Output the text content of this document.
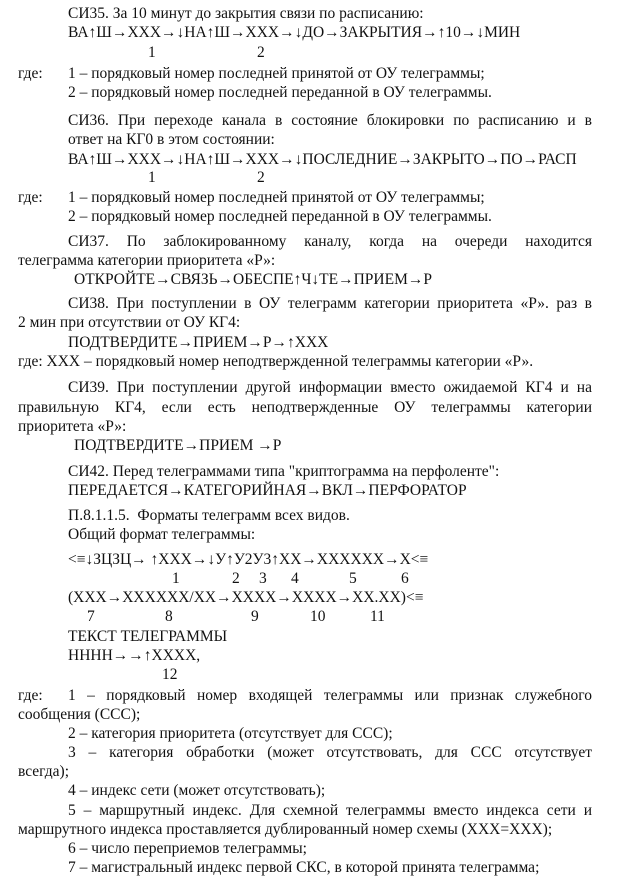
СИ35. За 10 минут до закрытия связи по расписанию:
ВА↑Ш→ХХХ→↓НА↑Ш→ХХХ→↓ДО→ЗАКРЫТИЯ→↑10→↓МИН
1	2
где: 1 – порядковый номер последней принятой от ОУ телеграммы;
2 – порядковый номер последней переданной в ОУ телеграммы.
СИ36. При переходе канала в состояние блокировки по расписанию и в
ответ на КГ0 в этом состоянии:
ВА↑Ш→ХХХ→↓НА↑Ш→ХХХ→↓ПОСЛЕДНИЕ→ЗАКРЫТО→ПО→РАСП
1	2
где: 1 – порядковый номер последней принятой от ОУ телеграммы;
2 – порядковый номер последней переданной в ОУ телеграммы.
СИ37. По заблокированному каналу, когда на очереди находится
телеграмма категории приоритета «Р»:
ОТКРОЙТЕ→СВЯЗЬ→ОБЕСПЕ↑Ч↓ТЕ→ПРИЕМ→Р
СИ38. При поступлении в ОУ телеграмм категории приоритета «Р». раз в
2 мин при отсутствии от ОУ КГ4:
ПОДТВЕРДИТЕ→ПРИЕМ→Р→↑ХХХ
где: ХХХ – порядковый номер неподтвержденной телеграммы категории «Р».
СИ39. При поступлении другой информации вместо ожидаемой КГ4 и на
правильную КГ4, если есть неподтвержденные ОУ телеграммы категории
приоритета «Р»:
ПОДТВЕРДИТЕ→ПРИЕМ →Р
СИ42. Перед телеграммами типа "криптограмма на перфоленте":
ПЕРЕДАЕТСЯ→КАТЕГОРИЙНАЯ→ВКЛ→ПЕРФОРАТОР
П.8.1.1.5.  Форматы телеграмм всех видов.
Общий формат телеграммы:
<≡↓ЗЦЗЦ→ ↑ХХХ→↓У↑У2У3↑ХХ→ХХХХХХ→Х<≡
1	2 3 4	5	6
(ХХХ→ХХХХХХ/ХХ→ХХХХ→ХХХХ→ХХ.ХХ)<≡
7	8	9	10	11
ТЕКСТ ТЕЛЕГРАММЫ
НННН→→↑ХХХХ,
12
где: 1 – порядковый номер входящей телеграммы или признак служебного
сообщения (ССС);
2 – категория приоритета (отсутствует для ССС);
3 – категория обработки (может отсутствовать, для ССС отсутствует
всегда);
4 – индекс сети (может отсутствовать);
5 – маршрутный индекс. Для схемной телеграммы вместо индекса сети и
маршрутного индекса проставляется дублированный номер схемы (ХХХ=ХХХ);
6 – число переприемов телеграммы;
7 – магистральный индекс первой СКС, в которой принята телеграмма;
